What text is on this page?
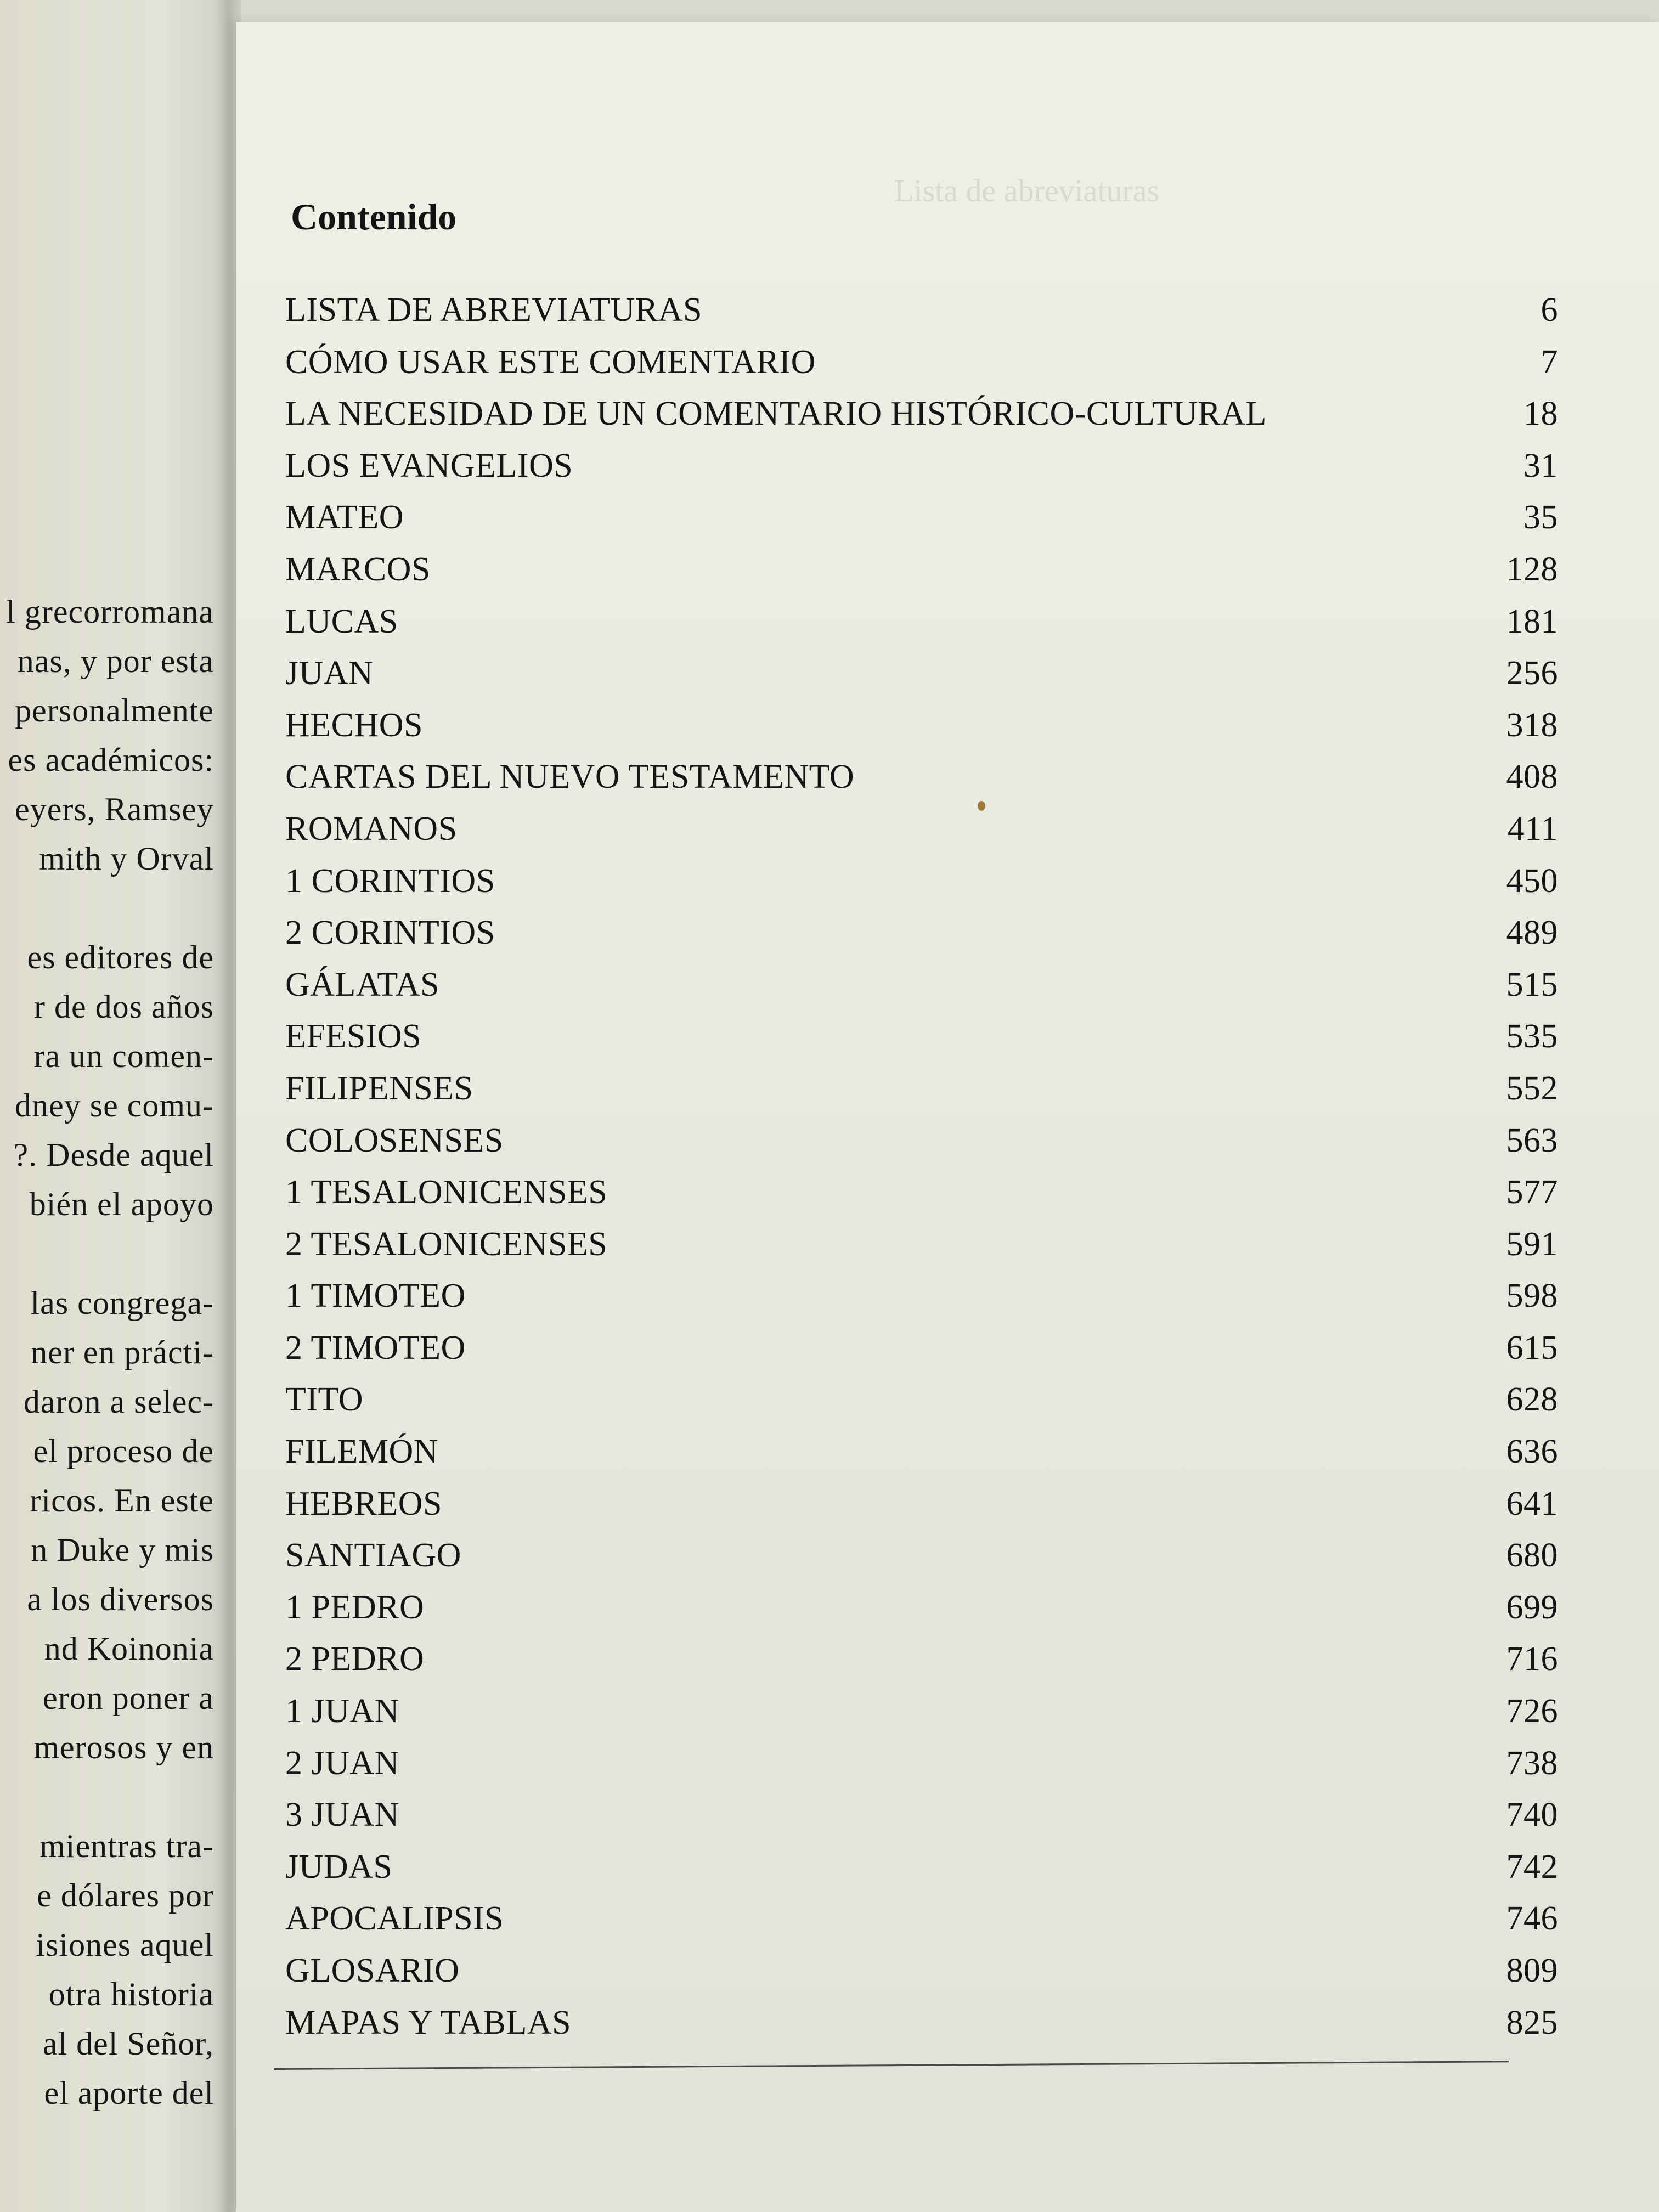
l grecorromana
nas, y por esta
personalmente
es académicos:
eyers, Ramsey
mith y Orval
es editores de
r de dos años
ra un comen-
dney se comu-
?. Desde aquel
bién el apoyo
las congrega-
ner en prácti-
daron a selec-
el proceso de
ricos. En este
n Duke y mis
a los diversos
nd Koinonia
eron poner a
merosos y en
mientras tra-
e dólares por
isiones aquel
otra historia
al del Señor,
el aporte del
Lista de abreviaturas
Contenido
LISTA DE ABREVIATURAS	6
CÓMO USAR ESTE COMENTARIO	7
LA NECESIDAD DE UN COMENTARIO HISTÓRICO-CULTURAL	18
LOS EVANGELIOS	31
MATEO	35
MARCOS	128
LUCAS	181
JUAN	256
HECHOS	318
CARTAS DEL NUEVO TESTAMENTO	408
ROMANOS	411
1 CORINTIOS	450
2 CORINTIOS	489
GÁLATAS	515
EFESIOS	535
FILIPENSES	552
COLOSENSES	563
1 TESALONICENSES	577
2 TESALONICENSES	591
1 TIMOTEO	598
2 TIMOTEO	615
TITO	628
FILEMÓN	636
HEBREOS	641
SANTIAGO	680
1 PEDRO	699
2 PEDRO	716
1 JUAN	726
2 JUAN	738
3 JUAN	740
JUDAS	742
APOCALIPSIS	746
GLOSARIO	809
MAPAS Y TABLAS	825
